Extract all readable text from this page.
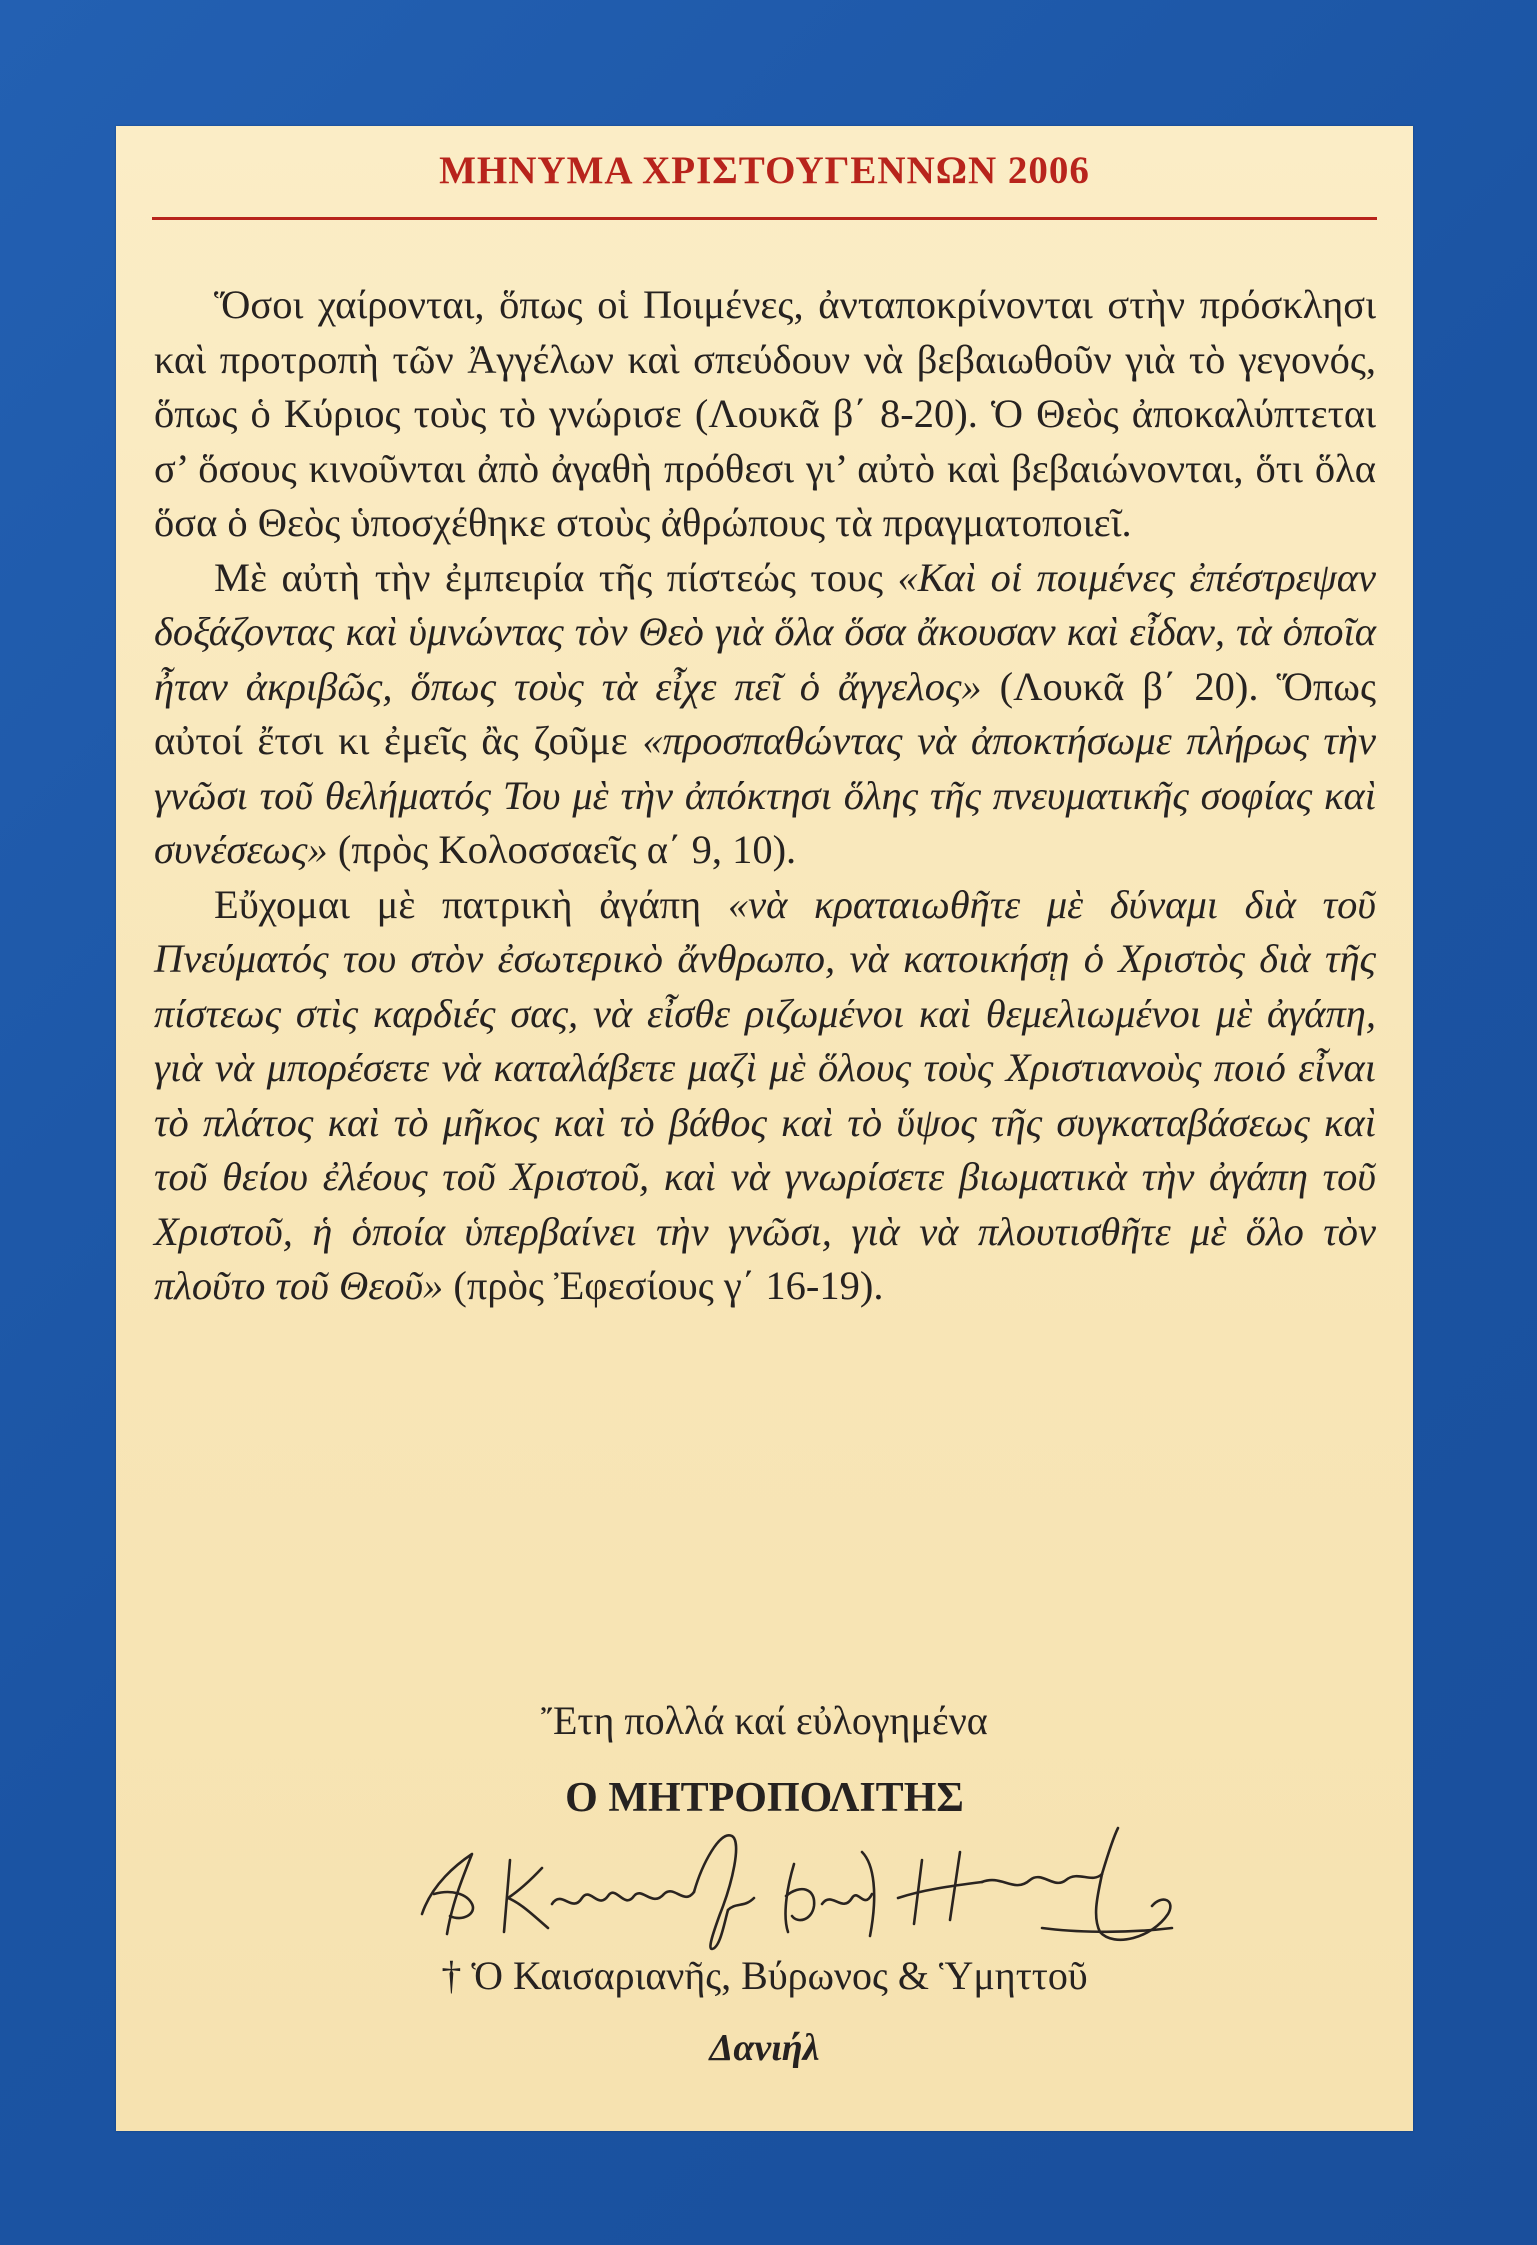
ΜΗΝΥΜΑ ΧΡΙΣΤΟΥΓΕΝΝΩΝ 2006

Ὅσοι χαίρονται, ὅπως οἱ Ποιμένες, ἀνταποκρίνονται στὴν πρόσκλησι καὶ προτροπὴ τῶν Ἀγγέλων καὶ σπεύδουν νὰ βεβαιωθοῦν γιὰ τὸ γεγονός, ὅπως ὁ Κύριος τοὺς τὸ γνώρισε (Λουκᾶ β΄ 8-20). Ὁ Θεὸς ἀποκαλύπτεται σ’ ὅσους κινοῦνται ἀπὸ ἀγαθὴ πρόθεσι γι’ αὐτὸ καὶ βεβαιώνονται, ὅτι ὅλα ὅσα ὁ Θεὸς ὑποσχέθηκε στοὺς ἀθρώπους τὰ πραγματοποιεῖ.

Μὲ αὐτὴ τὴν ἐμπειρία τῆς πίστεώς τους «Καὶ οἱ ποιμένες ἐπέστρεψαν δοξάζοντας καὶ ὑμνώντας τὸν Θεὸ γιὰ ὅλα ὅσα ἄκουσαν καὶ εἶδαν, τὰ ὁποῖα ἦταν ἀκριβῶς, ὅπως τοὺς τὰ εἶχε πεῖ ὁ ἄγγελος» (Λουκᾶ β΄ 20). Ὅπως αὐτοί ἔτσι κι ἐμεῖς ἂς ζοῦμε «προσπαθώντας νὰ ἀποκτήσωμε πλήρως τὴν γνῶσι τοῦ θελήματός Του μὲ τὴν ἀπόκτησι ὅλης τῆς πνευματικῆς σοφίας καὶ συνέσεως» (πρὸς Κολοσσαεῖς α΄ 9, 10).

Εὔχομαι μὲ πατρικὴ ἀγάπη «νὰ κραταιωθῆτε μὲ δύναμι διὰ τοῦ Πνεύματός του στὸν ἐσωτερικὸ ἄνθρωπο, νὰ κατοικήσῃ ὁ Χριστὸς διὰ τῆς πίστεως στὶς καρδιές σας, νὰ εἶσθε ριζωμένοι καὶ θεμελιωμένοι μὲ ἀγάπη, γιὰ νὰ μπορέσετε νὰ καταλάβετε μαζὶ μὲ ὅλους τοὺς Χριστιανοὺς ποιό εἶναι τὸ πλάτος καὶ τὸ μῆκος καὶ τὸ βάθος καὶ τὸ ὕψος τῆς συγκαταβάσεως καὶ τοῦ θείου ἐλέους τοῦ Χριστοῦ, καὶ νὰ γνωρίσετε βιωματικὰ τὴν ἀγάπη τοῦ Χριστοῦ, ἡ ὁποία ὑπερβαίνει τὴν γνῶσι, γιὰ νὰ πλουτισθῆτε μὲ ὅλο τὸν πλοῦτο τοῦ Θεοῦ» (πρὸς Ἐφεσίους γ΄ 16-19).

Ἔτη πολλά καί εὐλογημένα
Ο ΜΗΤΡΟΠΟΛΙΤΗΣ
† Ὁ Καισαριανῆς, Βύρωνος & Ὑμηττοῦ
Δανιήλ
